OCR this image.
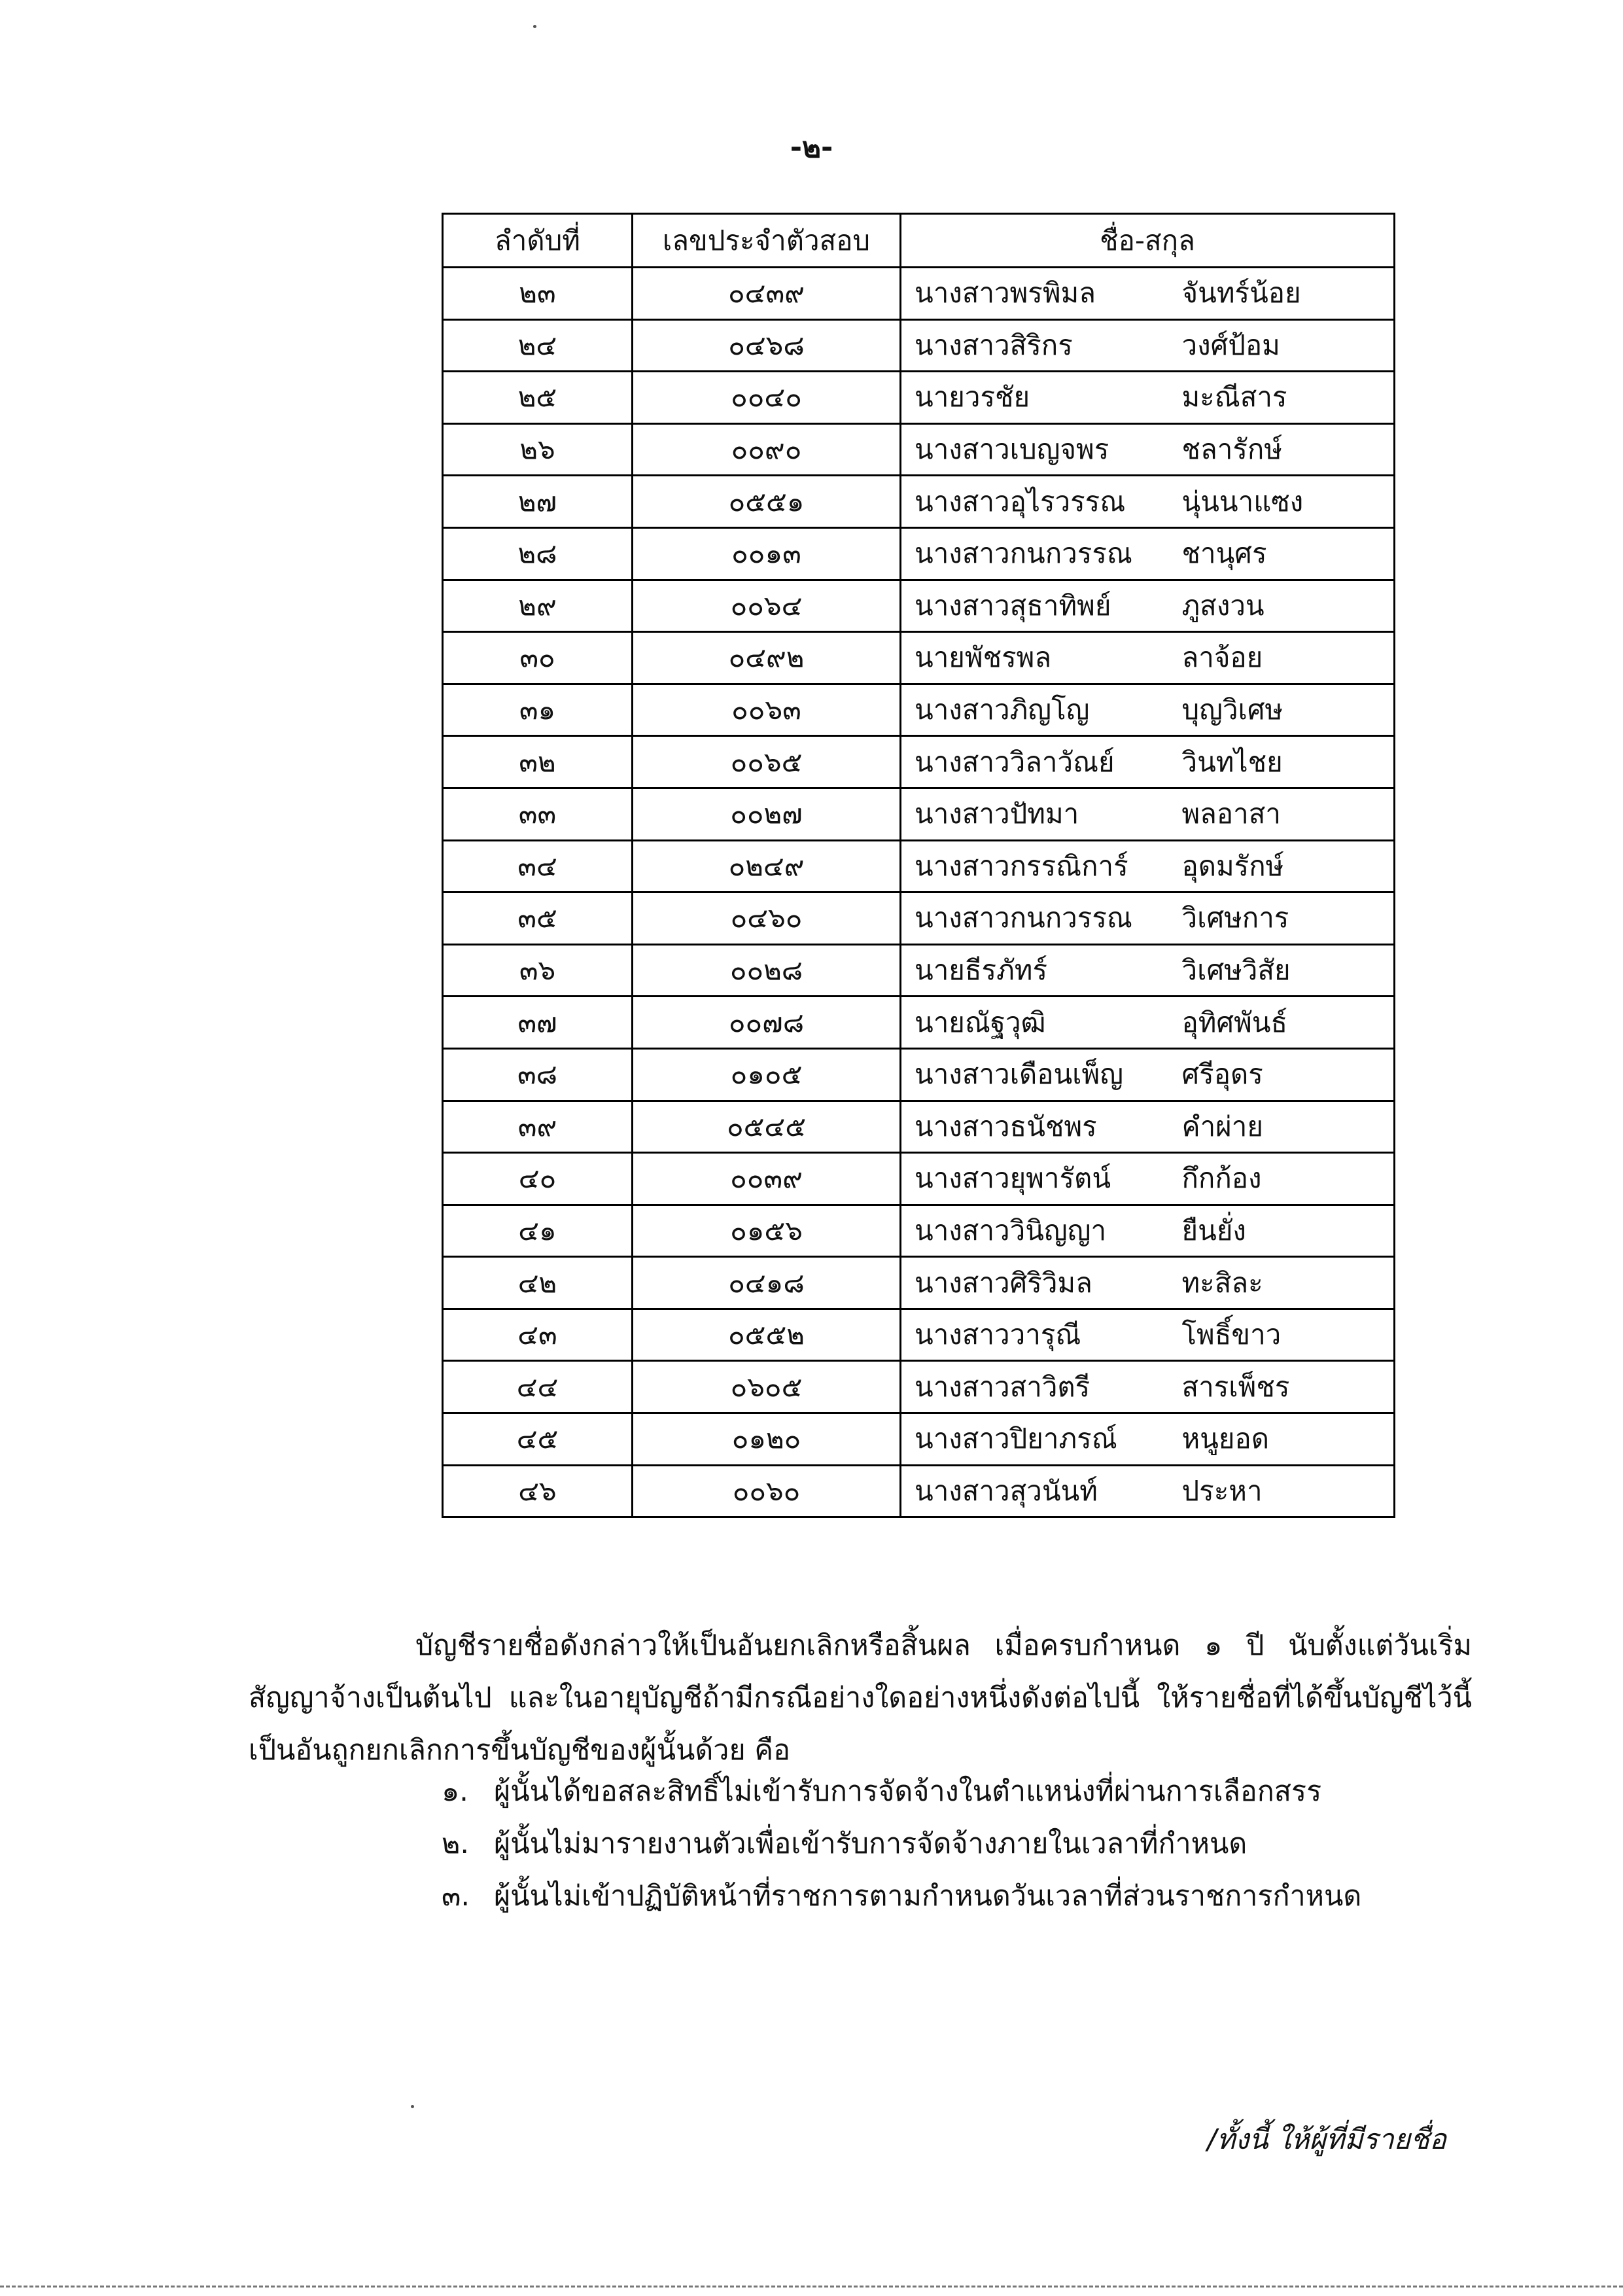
-๒-
ลำดับที่	เลขประจำตัวสอบ	ชื่อ-สกุล	
๒๓	๐๔๓๙	นางสาวพรพิมล	จันทร์น้อย
๒๔	๐๔๖๘	นางสาวสิริกร	วงศ์ป้อม
๒๕	๐๐๔๐	นายวรชัย	มะณีสาร
๒๖	๐๐๙๐	นางสาวเบญจพร	ชลารักษ์
๒๗	๐๕๕๑	นางสาวอุไรวรรณ	นุ่นนาแซง
๒๘	๐๐๑๓	นางสาวกนกวรรณ	ชานุศร
๒๙	๐๐๖๔	นางสาวสุธาทิพย์	ภูสงวน
๓๐	๐๔๙๒	นายพัชรพล	ลาจ้อย
๓๑	๐๐๖๓	นางสาวภิญโญ	บุญวิเศษ
๓๒	๐๐๖๕	นางสาววิลาวัณย์	วินทไชย
๓๓	๐๐๒๗	นางสาวปัทมา	พลอาสา
๓๔	๐๒๔๙	นางสาวกรรณิการ์	อุดมรักษ์
๓๕	๐๔๖๐	นางสาวกนกวรรณ	วิเศษการ
๓๖	๐๐๒๘	นายธีรภัทร์	วิเศษวิสัย
๓๗	๐๐๗๘	นายณัฐวุฒิ	อุทิศพันธ์
๓๘	๐๑๐๕	นางสาวเดือนเพ็ญ	ศรีอุดร
๓๙	๐๕๔๕	นางสาวธนัชพร	คำผ่าย
๔๐	๐๐๓๙	นางสาวยุพารัตน์	กึกก้อง
๔๑	๐๑๕๖	นางสาววินิญญา	ยืนยั่ง
๔๒	๐๔๑๘	นางสาวศิริวิมล	ทะสิละ
๔๓	๐๕๕๒	นางสาววารุณี	โพธิ์ขาว
๔๔	๐๖๐๕	นางสาวสาวิตรี	สารเพ็ชร
๔๕	๐๑๒๐	นางสาวปิยาภรณ์	หนูยอด
๔๖	๐๐๖๐	นางสาวสุวนันท์	ประหา
บัญชีรายชื่อดังกล่าวให้เป็นอันยกเลิกหรือสิ้นผล เมื่อครบกำหนด ๑ ปี นับตั้งแต่วันเริ่มสัญญาจ้างเป็นต้นไป และในอายุบัญชีถ้ามีกรณีอย่างใดอย่างหนึ่งดังต่อไปนี้ ให้รายชื่อที่ได้ขึ้นบัญชีไว้นี้เป็นอันถูกยกเลิกการขึ้นบัญชีของผู้นั้นด้วย คือ
๑. ผู้นั้นได้ขอสละสิทธิ์ไม่เข้ารับการจัดจ้างในตำแหน่งที่ผ่านการเลือกสรร
๒. ผู้นั้นไม่มารายงานตัวเพื่อเข้ารับการจัดจ้างภายในเวลาที่กำหนด
๓. ผู้นั้นไม่เข้าปฏิบัติหน้าที่ราชการตามกำหนดวันเวลาที่ส่วนราชการกำหนด
/ทั้งนี้ ให้ผู้ที่มีรายชื่อ
